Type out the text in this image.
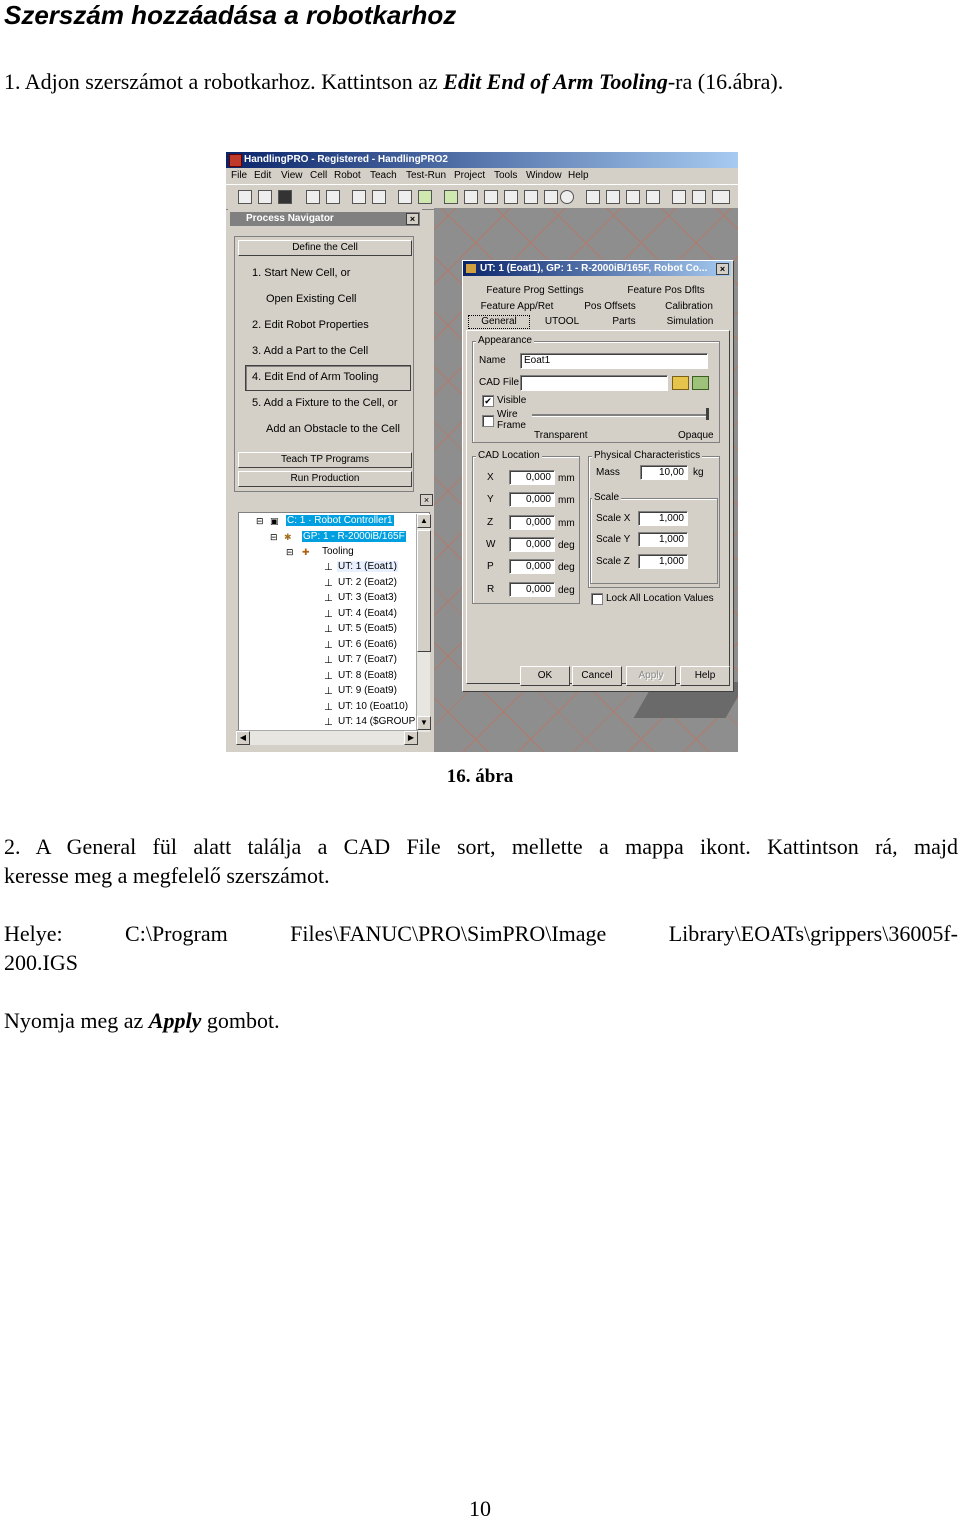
Szerszám hozzáadása a robotkarhoz
1. Adjon szerszámot a robotkarhoz. Kattintson az Edit End of Arm Tooling-ra (16.ábra).
HandlingPRO - Registered - HandlingPRO2
File Edit View Cell Robot Teach Test-Run Project Tools Window Help
Process Navigator	×
Define the Cell
1. Start New Cell, or
Open Existing Cell
2. Edit Robot Properties
3. Add a Part to the Cell
4. Edit End of Arm Tooling
5. Add a Fixture to the Cell, or
Add an Obstacle to the Cell
Teach TP Programs
Run Production
×
⊟ ▣ C: 1 · Robot Controller1
⊟ ✱ GP: 1 - R-2000iB/165F
⊟ ✚ Tooling
⊥ UT: 1 (Eoat1)
⊥ UT: 2 (Eoat2)
⊥ UT: 3 (Eoat3)
⊥ UT: 4 (Eoat4)
⊥ UT: 5 (Eoat5)
⊥ UT: 6 (Eoat6)
⊥ UT: 7 (Eoat7)
⊥ UT: 8 (Eoat8)
⊥ UT: 9 (Eoat9)
⊥ UT: 10 (Eoat10)
⊥ UT: 14 ($GROUP
▲
▼
◀	▶
UT: 1 (Eoat1), GP: 1 - R-2000iB/165F, Robot Co...	×
Feature Prog Settings	Feature Pos Dflts
Feature App/Ret	Pos Offsets	Calibration
General	UTOOL	Parts	Simulation
Appearance
Name	Eoat1
CAD File
✔ Visible
Wire
Frame
Transparent	Opaque
CAD Location
X	0,000 mm
Y	0,000 mm
Z	0,000 mm
W	0,000 deg
P	0,000 deg
R	0,000 deg
Physical Characteristics
Mass	10,00 kg
Scale
Scale X	1,000
Scale Y	1,000
Scale Z	1,000
Lock All Location Values
OK	Cancel	Apply	Help
16. ábra
2. A General fül alatt találja a CAD File sort, mellette a mappa ikont. Kattintson rá, majd
keresse meg a megfelelő szerszámot.
Helye: C:\Program Files\FANUC\PRO\SimPRO\Image Library\EOATs\grippers\36005f-
200.IGS
Nyomja meg az Apply gombot.
10
